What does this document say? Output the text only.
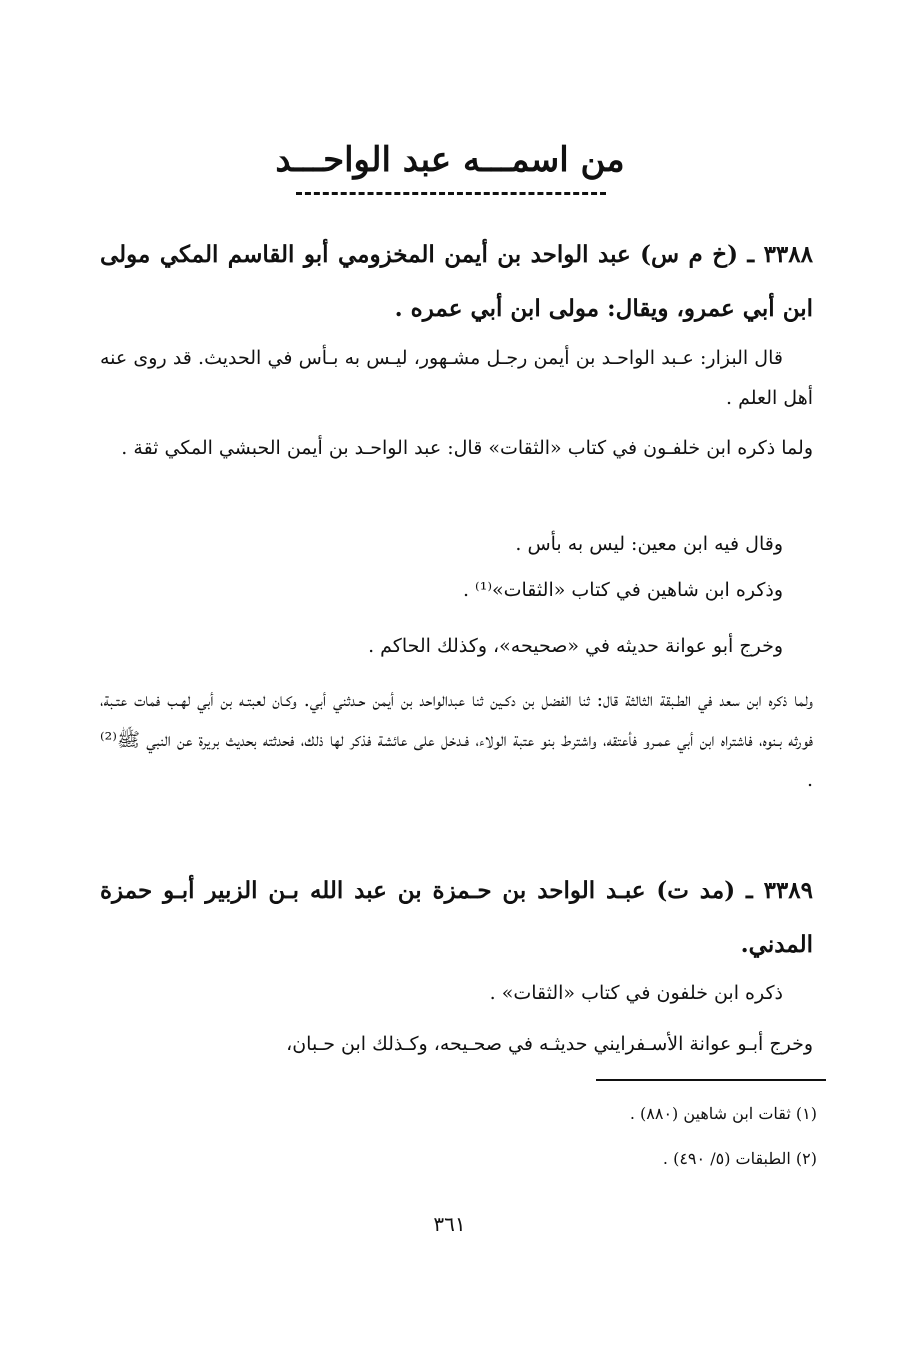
من اسمـــه عبد الواحـــد
٣٣٨٨ ـ (خ م س) عبد الواحد بن أيمن المخزومي أبو القاسم المكي مولى ابن أبي عمرو، ويقال: مولى ابن أبي عمره .
قال البزار: عـبد الواحـد بن أيمن رجـل مشـهور، ليـس به بـأس في الحديث. قد روى عنه أهل العلم .
ولما ذكره ابن خلفـون في كتاب «الثقات» قال: عبد الواحـد بن أيمن الحبشي المكي ثقة .
وقال فيه ابن معين: ليس به بأس .
وذكره ابن شاهين في كتاب «الثقات»⁽¹⁾ .
وخرج أبو عوانة حديثه في «صحيحه»، وكذلك الحاكم .
ولما ذكره ابن سعد في الطـبقة الثالثة قال: ثنا الفضل بن دكـين ثنا عبدالواحد بن أيمن حـدثني أبي. وكـان لعبتـه بن أبي لهـب فمات عتـبة، فورثه بـنوه، فاشتراه ابن أبي عمـرو فأعتقه، واشترط بنو عتبة الولاء، فـدخل على عائشة فذكر لها ذلك، فحدثته بحديث بريرة عن النبي ﷺ⁽²⁾ .
٣٣٨٩ ـ (مد ت) عبـد الواحد بن حـمزة بن عبد الله بـن الزبير أبـو حمزة المدني.
ذكره ابن خلفون في كتاب «الثقات» .
وخرج أبـو عوانة الأسـفرايني حديثـه في صحـيحه، وكـذلك ابن حـبان،
(١) ثقات ابن شاهين (٨٨٠) .
(٢) الطبقات (٥/ ٤٩٠) .
٣٦١
